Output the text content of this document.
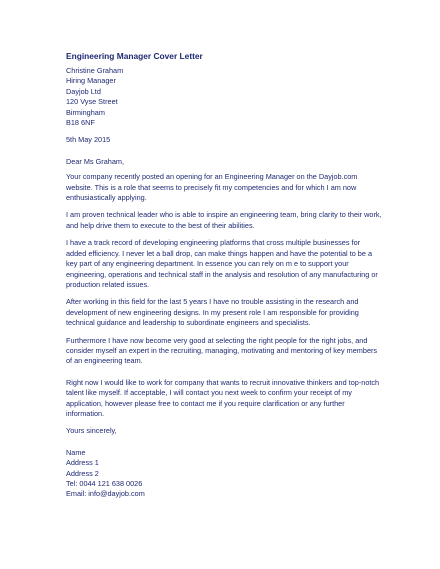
Engineering Manager Cover Letter
Christine Graham
Hiring Manager
Dayjob Ltd
120 Vyse Street
Birmingham
B18 6NF
5th May 2015
Dear Ms Graham,
Your company recently posted an opening for an Engineering Manager on the Dayjob.com
website. This is a role that seems to precisely fit my competencies and for which I am now
enthusiastically applying.
I am proven technical leader who is able to inspire an engineering team, bring clarity to their work,
and help drive them to execute to the best of their abilities.
I have a track record of developing engineering platforms that cross multiple businesses for
added efficiency. I never let a ball drop, can make things happen and have the potential to be a
key part of any engineering department. In essence you can rely on m e to support your
engineering, operations and technical staff in the analysis and resolution of any manufacturing or
production related issues.
After working in this field for the last 5 years I have no trouble assisting in the research and
development of new engineering designs. In my present role I am responsible for providing
technical guidance and leadership to subordinate engineers and specialists.
Furthermore I have now become very good at selecting the right people for the right jobs, and
consider myself an expert in the recruiting, managing, motivating and mentoring of key members
of an engineering team.
Right now I would like to work for company that wants to recruit innovative thinkers and top-notch
talent like myself. If acceptable, I will contact you next week to confirm your receipt of my
application, however please free to contact me if you require clarification or any further
information.
Yours sincerely,
Name
Address 1
Address 2
Tel: 0044 121 638 0026
Email: info@dayjob.com
